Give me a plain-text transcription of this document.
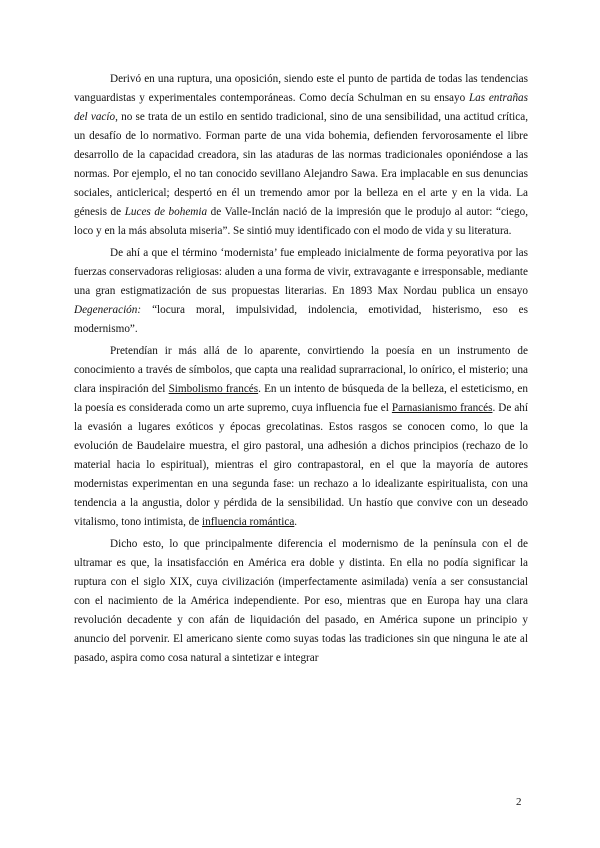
Derivó en una ruptura, una oposición, siendo este el punto de partida de todas las tendencias vanguardistas y experimentales contemporáneas. Como decía Schulman en su ensayo Las entrañas del vacío, no se trata de un estilo en sentido tradicional, sino de una sensibilidad, una actitud crítica, un desafío de lo normativo. Forman parte de una vida bohemia, defienden fervorosamente el libre desarrollo de la capacidad creadora, sin las ataduras de las normas tradicionales oponiéndose a las normas. Por ejemplo, el no tan conocido sevillano Alejandro Sawa. Era implacable en sus denuncias sociales, anticlerical; despertó en él un tremendo amor por la belleza en el arte y en la vida. La génesis de Luces de bohemia de Valle-Inclán nació de la impresión que le produjo al autor: “ciego, loco y en la más absoluta miseria”. Se sintió muy identificado con el modo de vida y su literatura.

De ahí a que el término ‘modernista’ fue empleado inicialmente de forma peyorativa por las fuerzas conservadoras religiosas: aluden a una forma de vivir, extravagante e irresponsable, mediante una gran estigmatización de sus propuestas literarias. En 1893 Max Nordau publica un ensayo Degeneración: “locura moral, impulsividad, indolencia, emotividad, histerismo, eso es modernismo”.

Pretendían ir más allá de lo aparente, convirtiendo la poesía en un instrumento de conocimiento a través de símbolos, que capta una realidad suprarracional, lo onírico, el misterio; una clara inspiración del Simbolismo francés. En un intento de búsqueda de la belleza, el esteticismo, en la poesía es considerada como un arte supremo, cuya influencia fue el Parnasianismo francés. De ahí la evasión a lugares exóticos y épocas grecolatinas. Estos rasgos se conocen como, lo que la evolución de Baudelaire muestra, el giro pastoral, una adhesión a dichos principios (rechazo de lo material hacia lo espiritual), mientras el giro contrapastoral, en el que la mayoría de autores modernistas experimentan en una segunda fase: un rechazo a lo idealizante espiritualista, con una tendencia a la angustia, dolor y pérdida de la sensibilidad. Un hastío que convive con un deseado vitalismo, tono intimista, de influencia romántica.

Dicho esto, lo que principalmente diferencia el modernismo de la península con el de ultramar es que, la insatisfacción en América era doble y distinta. En ella no podía significar la ruptura con el siglo XIX, cuya civilización (imperfectamente asimilada) venía a ser consustancial con el nacimiento de la América independiente. Por eso, mientras que en Europa hay una clara revolución decadente y con afán de liquidación del pasado, en América supone un principio y anuncio del porvenir. El americano siente como suyas todas las tradiciones sin que ninguna le ate al pasado, aspira como cosa natural a sintetizar e integrar

2
